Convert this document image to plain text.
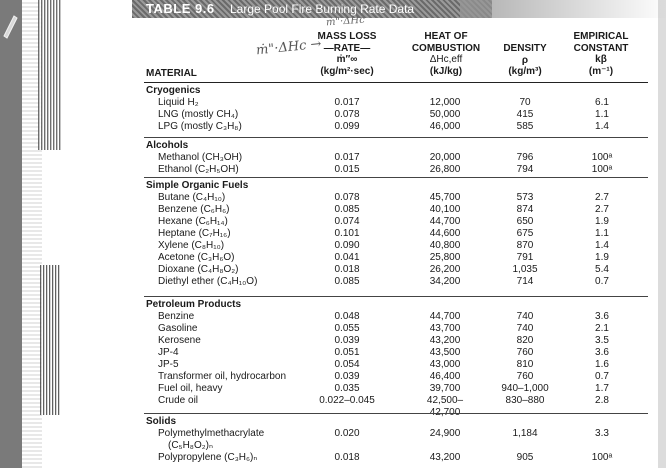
TABLE 9.6 Large Pool Fire Burning Rate Data
ṁ"·ΔHc
ṁ"·ΔHc →
MATERIAL
MASS LOSS
—RATE—
ṁ″∞
(kg/m²·sec)
HEAT OF
COMBUSTION
ΔHc,eff
(kJ/kg)
DENSITY
ρ
(kg/m³)
EMPIRICAL
CONSTANT
kβ
(m⁻¹)
Cryogenics
Liquid H₂	0.017	12,000	70	6.1
LNG (mostly CH₄)	0.078	50,000	415	1.1
LPG (mostly C₃H₈)	0.099	46,000	585	1.4
Alcohols
Methanol (CH₃OH)	0.017	20,000	796	100ᵃ
Ethanol (C₂H₅OH)	0.015	26,800	794	100ᵃ
Simple Organic Fuels
Butane (C₄H₁₀)	0.078	45,700	573	2.7
Benzene (C₆H₆)	0.085	40,100	874	2.7
Hexane (C₆H₁₄)	0.074	44,700	650	1.9
Heptane (C₇H₁₆)	0.101	44,600	675	1.1
Xylene (C₈H₁₀)	0.090	40,800	870	1.4
Acetone (C₃H₆O)	0.041	25,800	791	1.9
Dioxane (C₄H₈O₂)	0.018	26,200	1,035	5.4
Diethyl ether (C₄H₁₀O)	0.085	34,200	714	0.7
Petroleum Products
Benzine	0.048	44,700	740	3.6
Gasoline	0.055	43,700	740	2.1
Kerosene	0.039	43,200	820	3.5
JP-4	0.051	43,500	760	3.6
JP-5	0.054	43,000	810	1.6
Transformer oil, hydrocarbon	0.039	46,400	760	0.7
Fuel oil, heavy	0.035	39,700	940–1,000	1.7
Crude oil	0.022–0.045	42,500–	830–880	2.8
Solids
Polymethylmethacrylate	0.020	24,900	1,184	3.3
(C₅H₈O₂)ₙ
Polypropylene (C₃H₆)ₙ	0.018	43,200	905	100ᵃ
